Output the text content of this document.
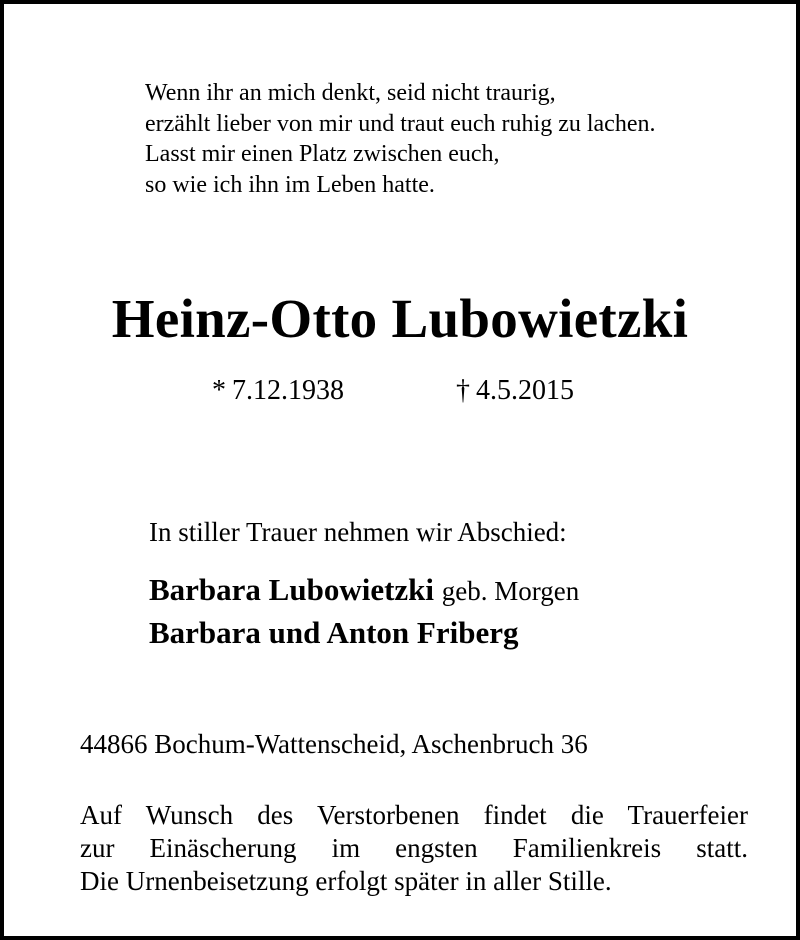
Wenn ihr an mich denkt, seid nicht traurig,
erzählt lieber von mir und traut euch ruhig zu lachen.
Lasst mir einen Platz zwischen euch,
so wie ich ihn im Leben hatte.
Heinz-Otto Lubowietzki
* 7.12.1938	† 4.5.2015

In stiller Trauer nehmen wir Abschied:

Barbara Lubowietzki geb. Morgen
Barbara und Anton Friberg

44866 Bochum-Wattenscheid, Aschenbruch 36

Auf Wunsch des Verstorbenen findet die Trauerfeier
zur Einäscherung im engsten Familienkreis statt.
Die Urnenbeisetzung erfolgt später in aller Stille.
